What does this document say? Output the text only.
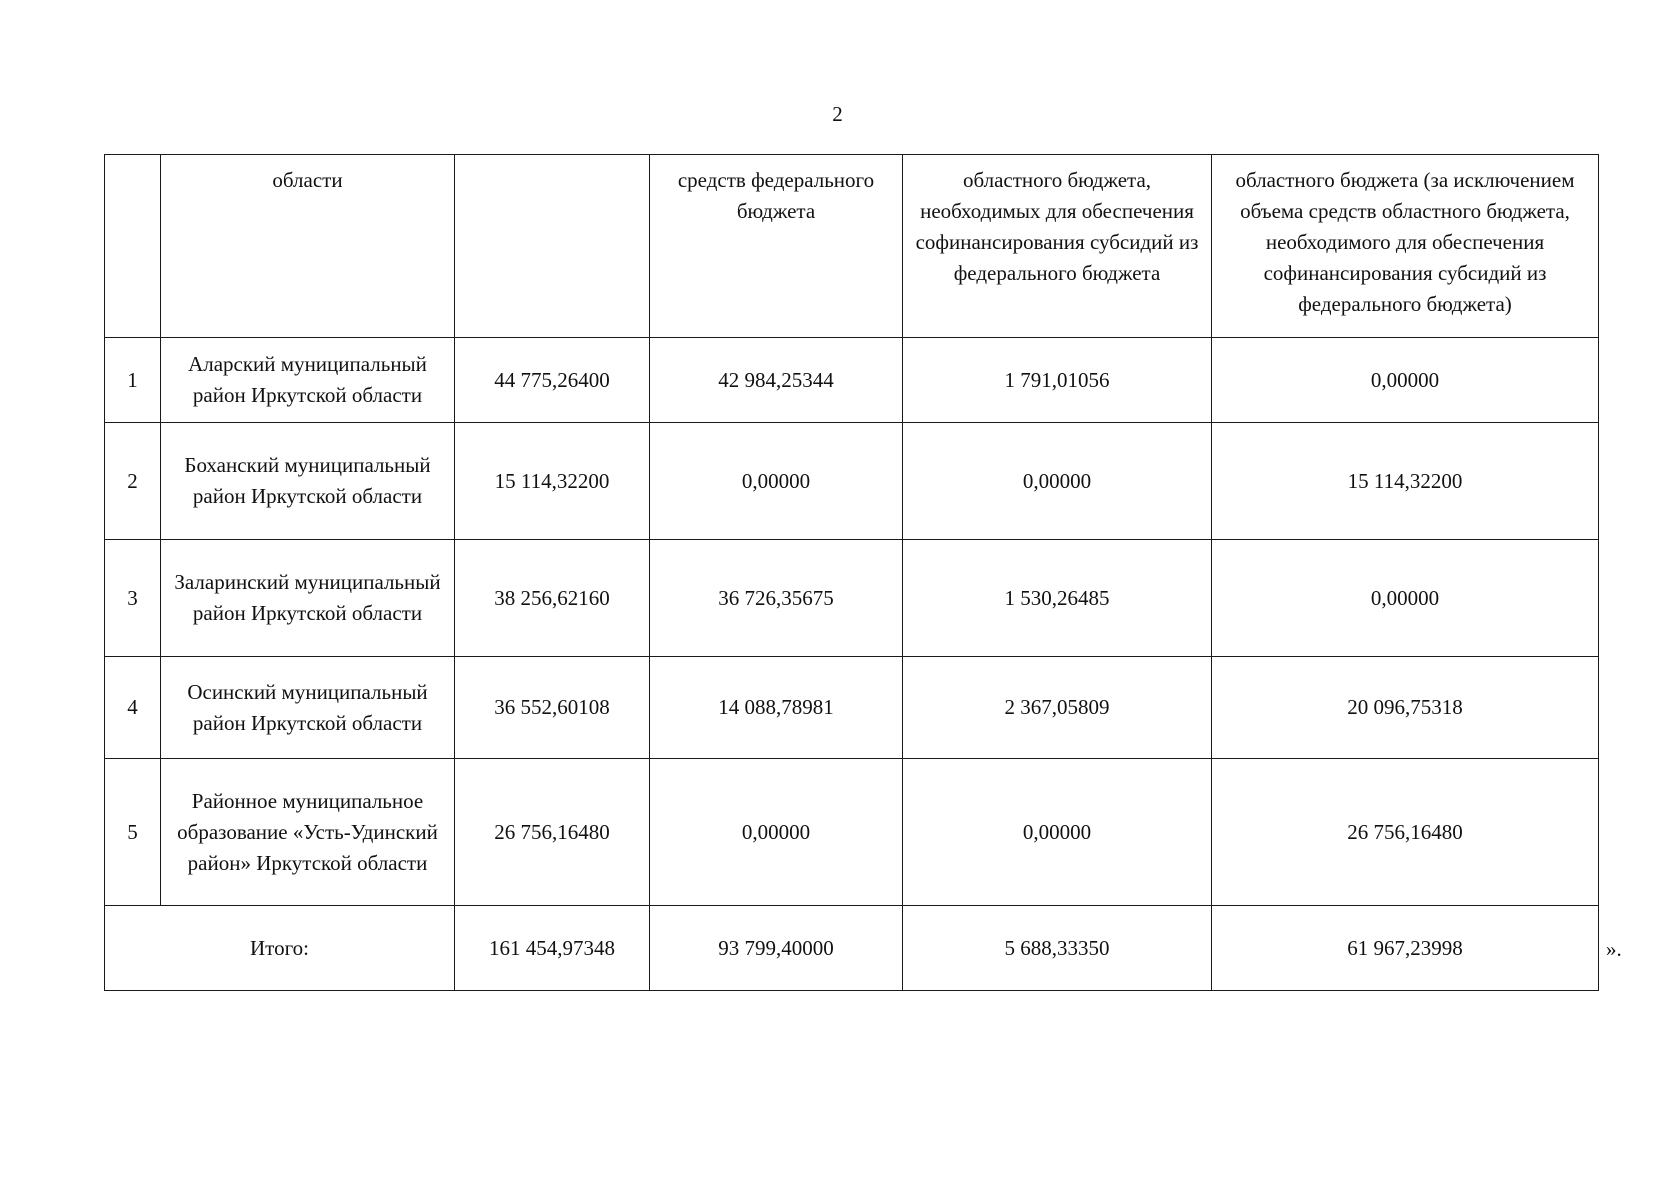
2
	области		средств федерального бюджета	областного бюджета, необходимых для обеспечения софинансирования субсидий из федерального бюджета	областного бюджета (за исключением объема средств областного бюджета, необходимого для обеспечения софинансирования субсидий из федерального бюджета)
1	Аларский муниципальный район Иркутской области	44 775,26400	42 984,25344	1 791,01056	0,00000
2	Боханский муниципальный район Иркутской области	15 114,32200	0,00000	0,00000	15 114,32200
3	Заларинский муниципальный район Иркутской области	38 256,62160	36 726,35675	1 530,26485	0,00000
4	Осинский муниципальный район Иркутской области	36 552,60108	14 088,78981	2 367,05809	20 096,75318
5	Районное муниципальное образование «Усть-Удинский район» Иркутской области	26 756,16480	0,00000	0,00000	26 756,16480
Итого:		161 454,97348	93 799,40000	5 688,33350	61 967,23998	».
